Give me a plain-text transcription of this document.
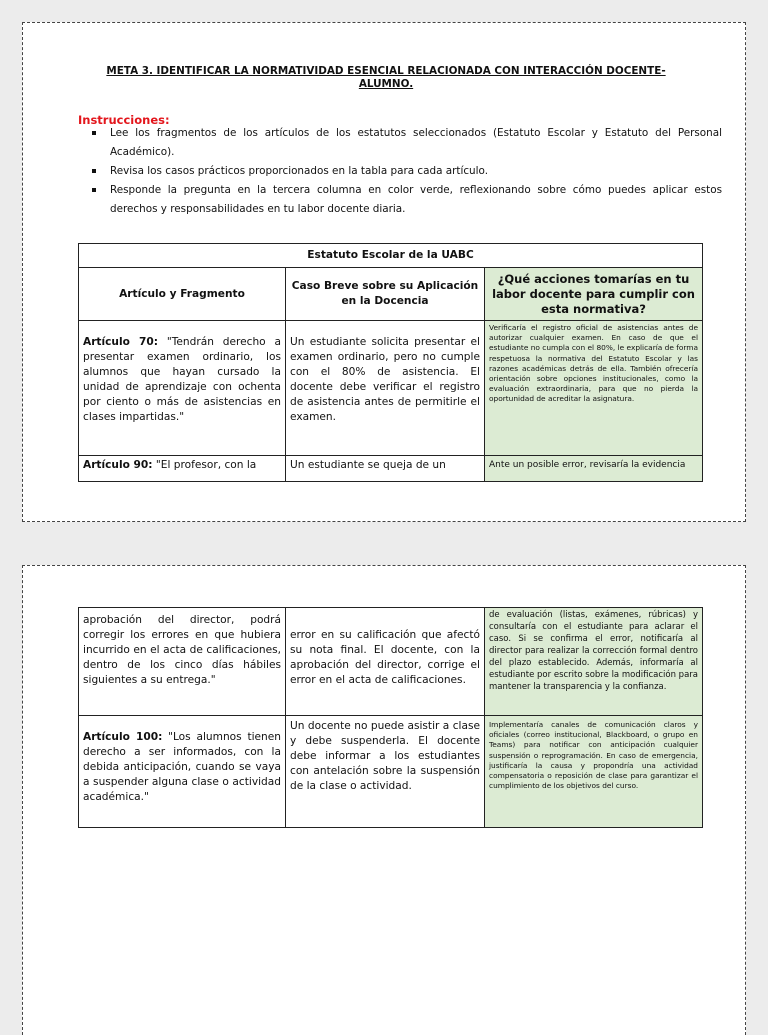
META 3. IDENTIFICAR LA NORMATIVIDAD ESENCIAL RELACIONADA CON INTERACCIÓN DOCENTE-ALUMNO.
Instrucciones:
Lee los fragmentos de los artículos de los estatutos seleccionados (Estatuto Escolar y Estatuto del Personal Académico).
Revisa los casos prácticos proporcionados en la tabla para cada artículo.
Responde la pregunta en la tercera columna en color verde, reflexionando sobre cómo puedes aplicar estos derechos y responsabilidades en tu labor docente diaria.
Estatuto Escolar de la UABC		
Artículo y Fragmento	Caso Breve sobre su Aplicación en la Docencia	¿Qué acciones tomarías en tu labor docente para cumplir con esta normativa?
Artículo 70: "Tendrán derecho a presentar examen ordinario, los alumnos que hayan cursado la unidad de aprendizaje con ochenta por ciento o más de asistencias en clases impartidas."	Un estudiante solicita presentar el examen ordinario, pero no cumple con el 80% de asistencia. El docente debe verificar el registro de asistencia antes de permitirle el examen.	Verificaría el registro oficial de asistencias antes de autorizar cualquier examen. En caso de que el estudiante no cumpla con el 80%, le explicaría de forma respetuosa la normativa del Estatuto Escolar y las razones académicas detrás de ella. También ofrecería orientación sobre opciones institucionales, como la evaluación extraordinaria, para que no pierda la oportunidad de acreditar la asignatura.
Artículo 90: "El profesor, con la	Un estudiante se queja de un	Ante un posible error, revisaría la evidencia
aprobación del director, podrá corregir los errores en que hubiera incurrido en el acta de calificaciones, dentro de los cinco días hábiles siguientes a su entrega."	error en su calificación que afectó su nota final. El docente, con la aprobación del director, corrige el error en el acta de calificaciones.	de evaluación (listas, exámenes, rúbricas) y consultaría con el estudiante para aclarar el caso. Si se confirma el error, notificaría al director para realizar la corrección formal dentro del plazo establecido. Además, informaría al estudiante por escrito sobre la modificación para mantener la transparencia y la confianza.
Artículo 100: "Los alumnos tienen derecho a ser informados, con la debida anticipación, cuando se vaya a suspender alguna clase o actividad académica."	Un docente no puede asistir a clase y debe suspenderla. El docente debe informar a los estudiantes con antelación sobre la suspensión de la clase o actividad.	Implementaría canales de comunicación claros y oficiales (correo institucional, Blackboard, o grupo en Teams) para notificar con anticipación cualquier suspensión o reprogramación. En caso de emergencia, justificaría la causa y propondría una actividad compensatoria o reposición de clase para garantizar el cumplimiento de los objetivos del curso.
